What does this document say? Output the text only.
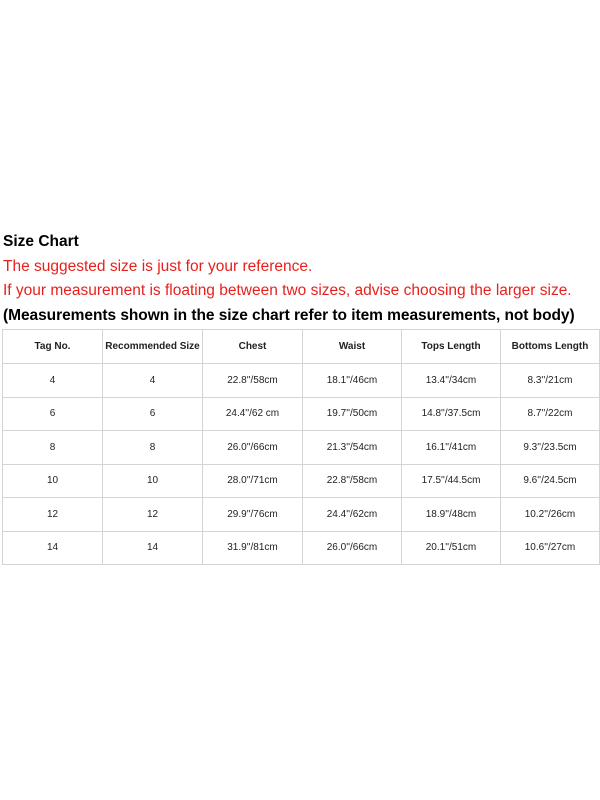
Size Chart
The suggested size is just for your reference.
If your measurement is floating between two sizes, advise choosing the larger size.
(Measurements shown in the size chart refer to item measurements, not body)
Tag No.	Recommended Size	Chest	Waist	Tops Length	Bottoms Length
4	4	22.8''/58cm	18.1''/46cm	13.4''/34cm	8.3''/21cm
6	6	24.4''/62 cm	19.7''/50cm	14.8''/37.5cm	8.7''/22cm
8	8	26.0''/66cm	21.3''/54cm	16.1''/41cm	9.3''/23.5cm
10	10	28.0''/71cm	22.8''/58cm	17.5''/44.5cm	9.6''/24.5cm
12	12	29.9''/76cm	24.4''/62cm	18.9''/48cm	10.2''/26cm
14	14	31.9''/81cm	26.0''/66cm	20.1''/51cm	10.6''/27cm
